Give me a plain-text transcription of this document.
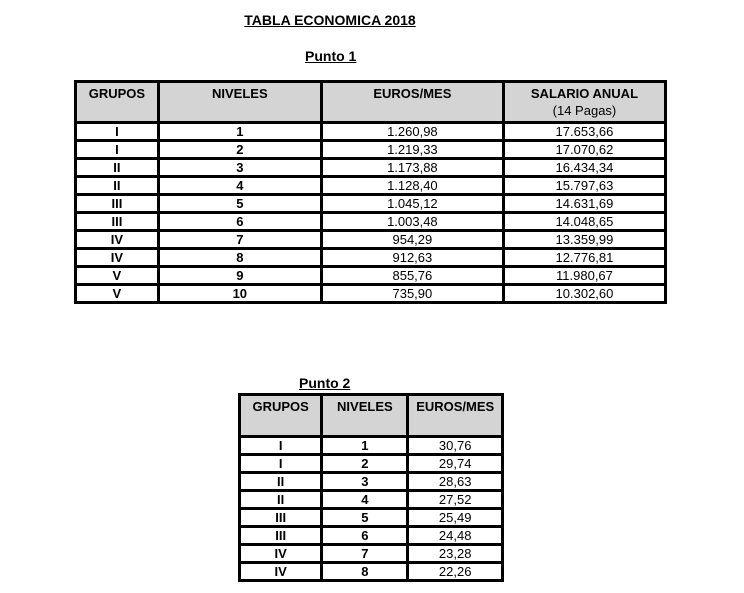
TABLA ECONOMICA 2018
Punto 1
GRUPOS	NIVELES	EUROS/MES	SALARIO ANUAL
(14 Pagas)

I	1	1.260,98	17.653,66
I	2	1.219,33	17.070,62
II	3	1.173,88	16.434,34
II	4	1.128,40	15.797,63
III	5	1.045,12	14.631,69
III	6	1.003,48	14.048,65
IV	7	954,29	13.359,99
IV	8	912,63	12.776,81
V	9	855,76	11.980,67
V	10	735,90	10.302,60
Punto 2
GRUPOS	NIVELES	EUROS/MES
I	1	30,76
I	2	29,74
II	3	28,63
II	4	27,52
III	5	25,49
III	6	24,48
IV	7	23,28
IV	8	22,26
